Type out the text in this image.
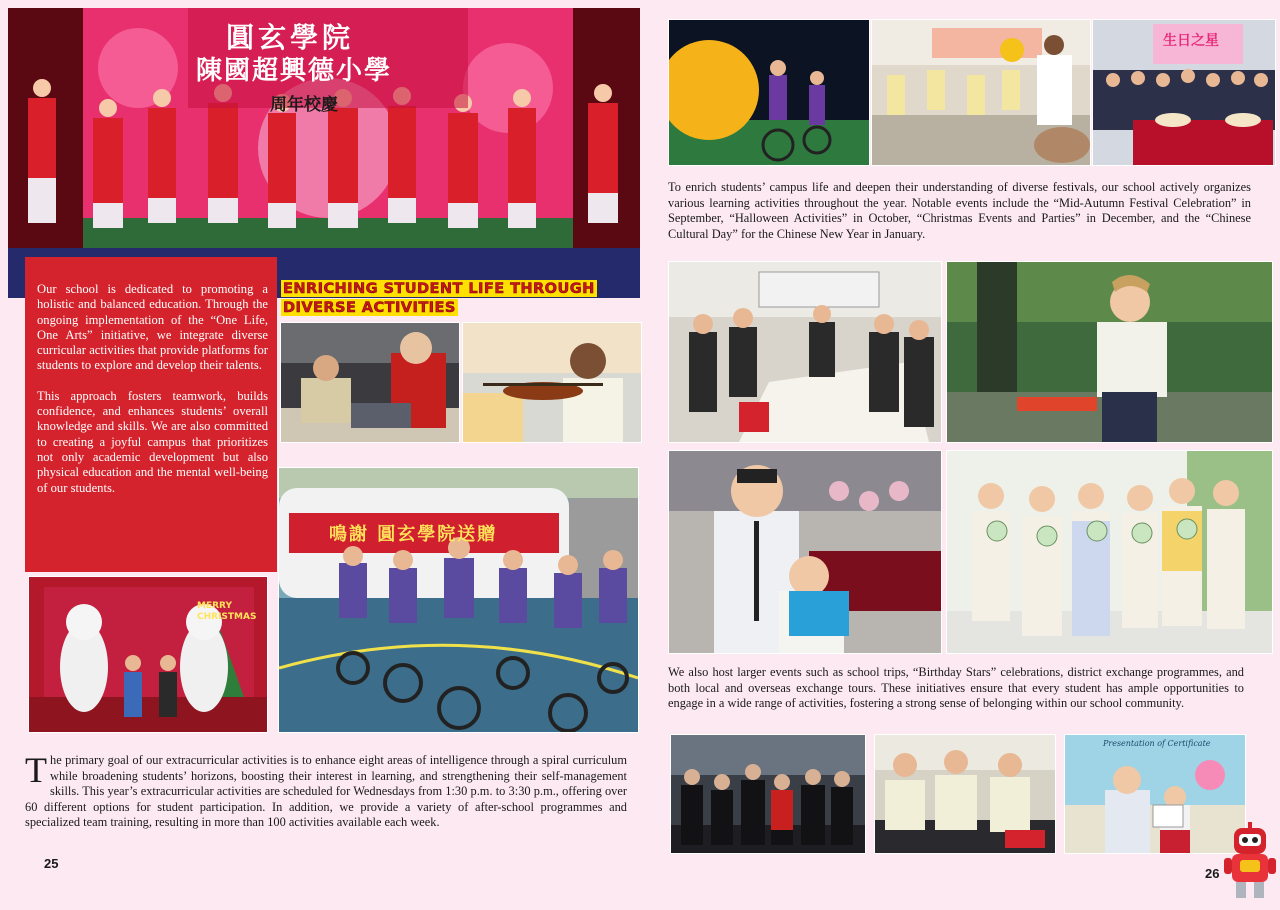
圓玄學院
陳國超興德小學
周年校慶

Our school is dedicated to promoting a holistic and balanced education. Through the ongoing implementation of the “One Life, One Arts” initiative, we integrate diverse curricular activities that provide platforms for students to explore and develop their talents.

This approach fosters teamwork, builds confidence, and enhances students’ overall knowledge and skills. We are also committed to creating a joyful campus that prioritizes not only academic development but also physical education and the mental well-being of our students.

ENRICHING STUDENT LIFE THROUGH
DIVERSE ACTIVITIES
鳴謝 圓玄學院送贈
MERRY CHRISTMAS
The primary goal of our extracurricular activities is to enhance eight areas of intelligence through a spiral curriculum while broadening students’ horizons, boosting their interest in learning, and strengthening their self-management skills. This year’s extracurricular activities are scheduled for Wednesdays from 1:30 p.m. to 3:30 p.m., offering over 60 different options for student participation. In addition, we provide a variety of after-school programmes and specialized team training, resulting in more than 100 activities available each week.
25
生日之星
To enrich students’ campus life and deepen their understanding of diverse festivals, our school actively organizes various learning activities throughout the year. Notable events include the “Mid-Autumn Festival Celebration” in September, “Halloween Activities” in October, “Christmas Events and Parties” in December, and the “Chinese Cultural Day” for the Chinese New Year in January.
We also host larger events such as school trips, “Birthday Stars” celebrations, district exchange programmes, and both local and overseas exchange tours. These initiatives ensure that every student has ample opportunities to engage in a wide range of activities, fostering a strong sense of belonging within our school community.
Presentation of Certificate
26
